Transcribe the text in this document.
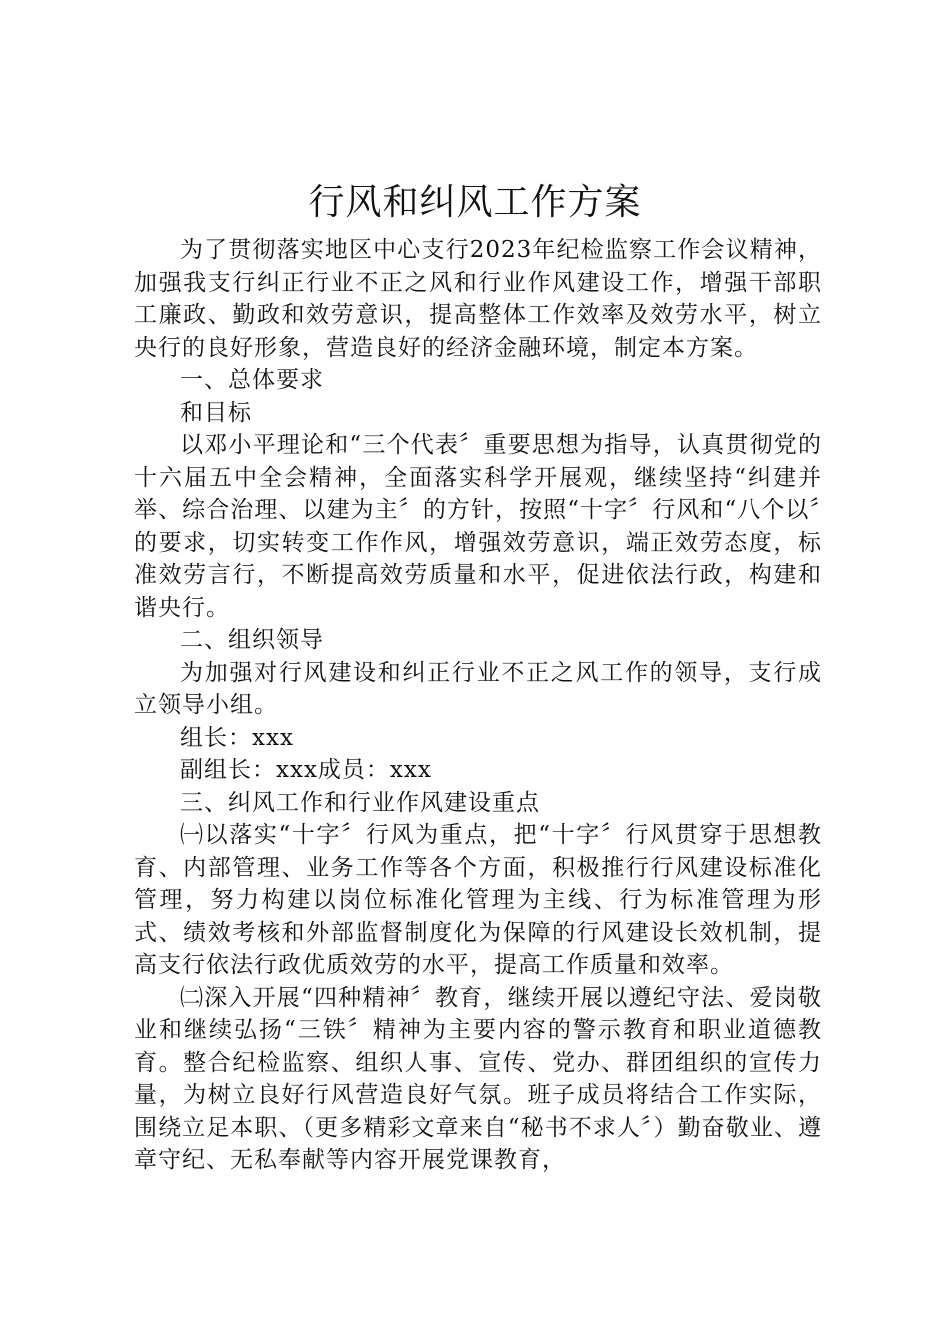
行风和纠风工作方案

为了贯彻落实地区中心支行2023年纪检监察工作会议精神，加强我支行纠正行业不正之风和行业作风建设工作，增强干部职工廉政、勤政和效劳意识，提高整体工作效率及效劳水平，树立央行的良好形象，营造良好的经济金融环境，制定本方案。

一、总体要求

和目标

以邓小平理论和“三个代表〞重要思想为指导，认真贯彻党的十六届五中全会精神，全面落实科学开展观，继续坚持“纠建并举、综合治理、以建为主〞的方针，按照“十字〞行风和“八个以〞的要求，切实转变工作作风，增强效劳意识，端正效劳态度，标准效劳言行，不断提高效劳质量和水平，促进依法行政，构建和谐央行。

二、组织领导

为加强对行风建设和纠正行业不正之风工作的领导，支行成立领导小组。

组长：xxx

副组长：xxx成员：xxx

三、纠风工作和行业作风建设重点

㈠以落实“十字〞行风为重点，把“十字〞行风贯穿于思想教育、内部管理、业务工作等各个方面，积极推行行风建设标准化管理，努力构建以岗位标准化管理为主线、行为标准管理为形式、绩效考核和外部监督制度化为保障的行风建设长效机制，提高支行依法行政优质效劳的水平，提高工作质量和效率。

㈡深入开展“四种精神〞教育，继续开展以遵纪守法、爱岗敬业和继续弘扬“三铁〞精神为主要内容的警示教育和职业道德教育。整合纪检监察、组织人事、宣传、党办、群团组织的宣传力量，为树立良好行风营造良好气氛。班子成员将结合工作实际，围绕立足本职、（更多精彩文章来自“秘书不求人〞）勤奋敬业、遵章守纪、无私奉献等内容开展党课教育，
